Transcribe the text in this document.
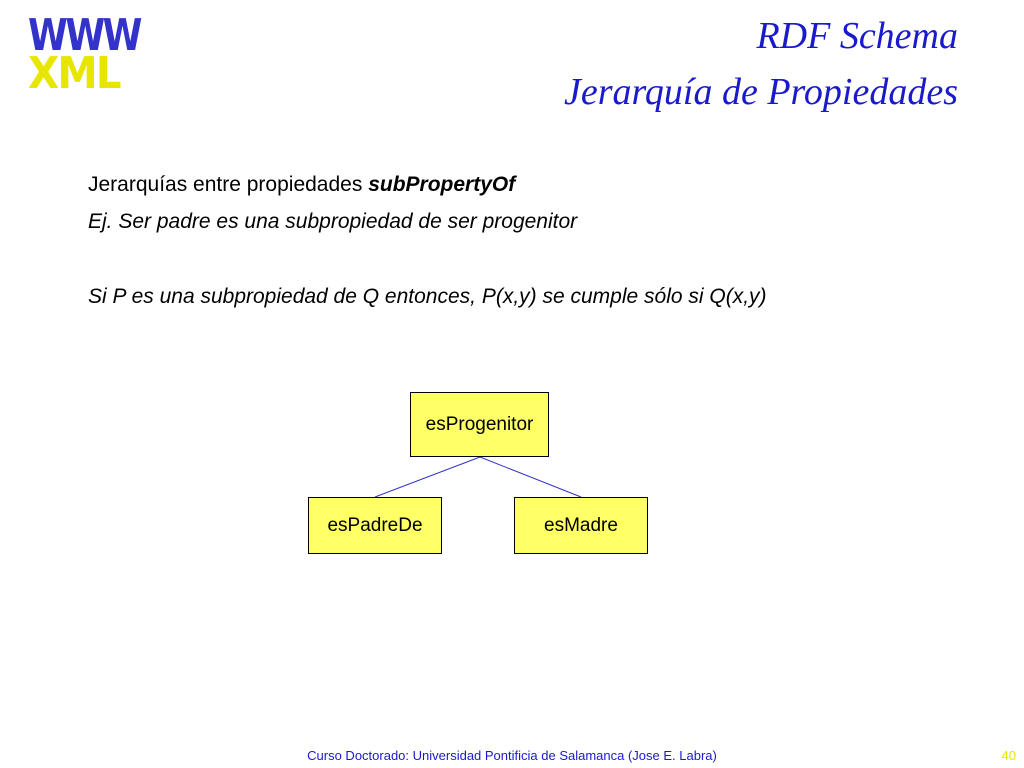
WWW
XML
RDF Schema
Jerarquía de Propiedades
Jerarquías entre propiedades subPropertyOf
Ej. Ser padre es una subpropiedad de ser progenitor
Si P es una subpropiedad de Q entonces, P(x,y) se cumple sólo si Q(x,y)
esProgenitor
esPadreDe	esMadre
Curso Doctorado: Universidad Pontificia de Salamanca (Jose E. Labra)	40
